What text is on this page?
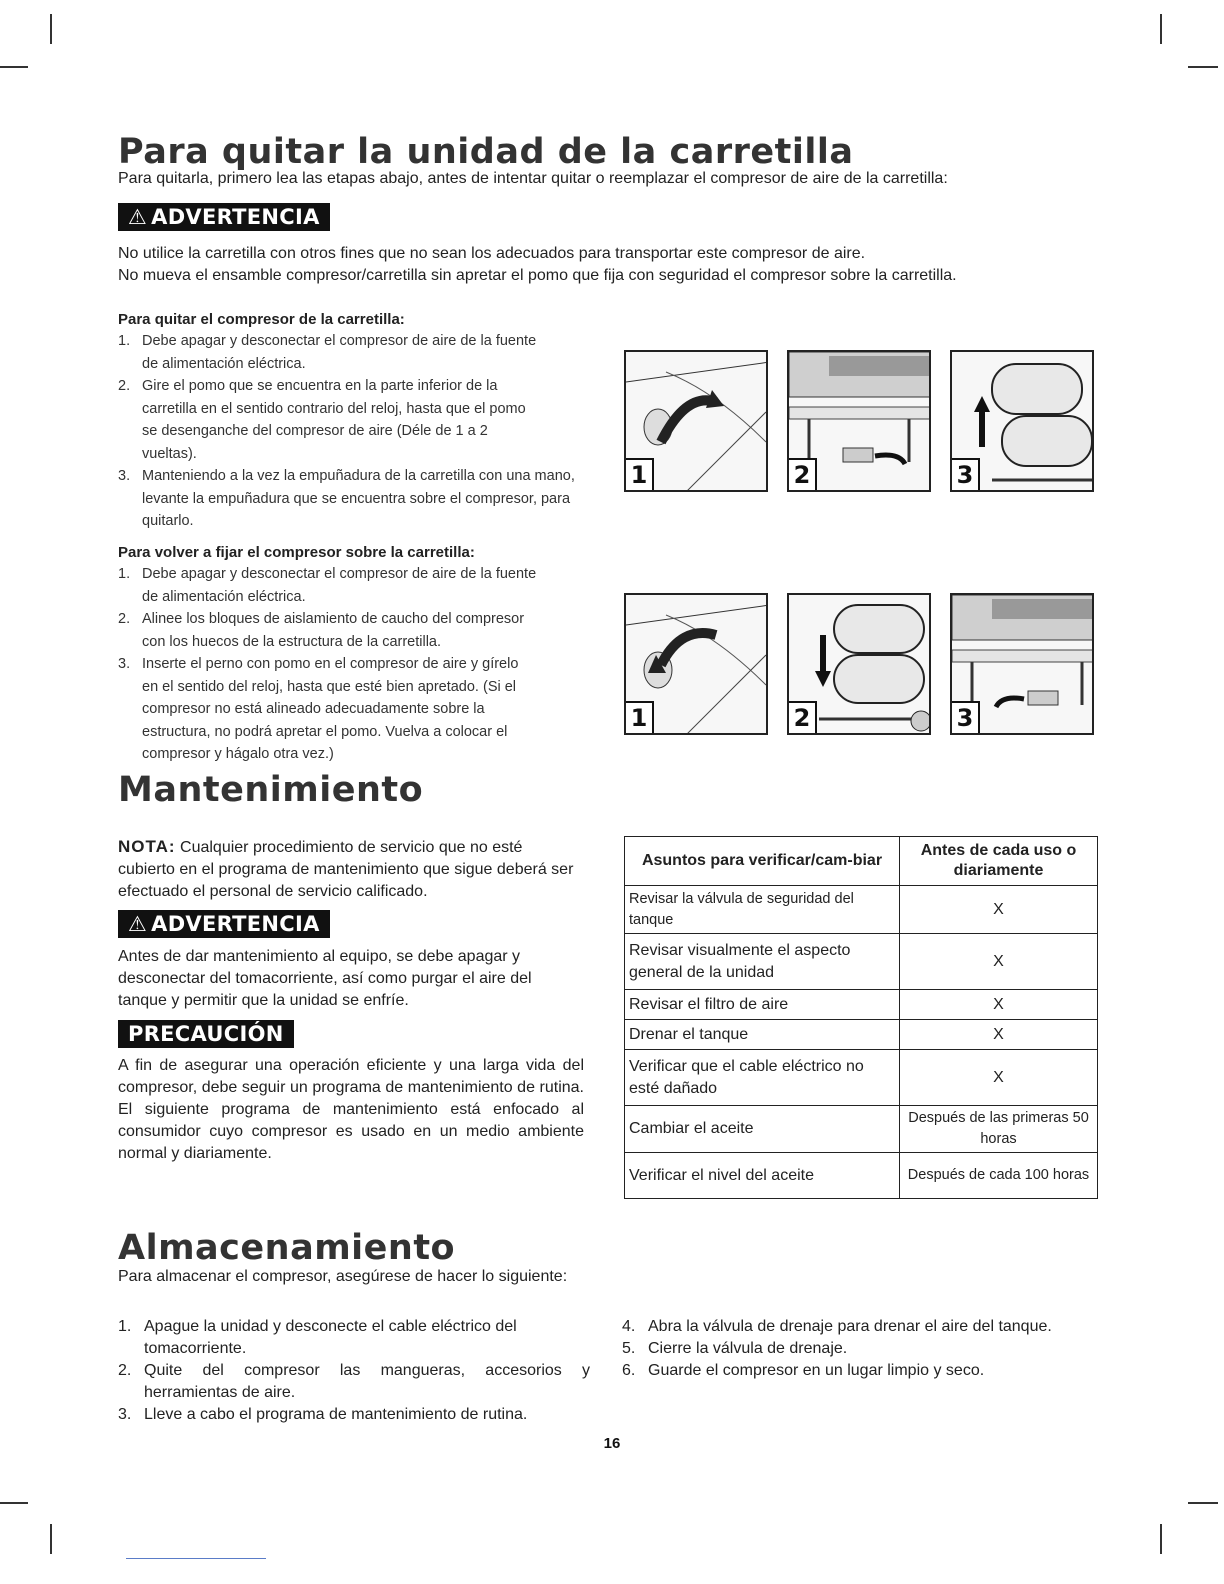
Para quitar la unidad de la carretilla

Para quitarla, primero lea las etapas abajo, antes de intentar quitar o reemplazar el compresor de aire de la carretilla:

⚠ ADVERTENCIA

No utilice la carretilla con otros fines que no sean los adecuados para transportar este compresor de aire.

No mueva el ensamble compresor/carretilla sin apretar el pomo que fija con seguridad el compresor sobre la carretilla.

Para quitar el compresor de la carretilla:

1. Debe apagar y desconectar el compresor de aire de la fuente de alimentación eléctrica.
2. Gire el pomo que se encuentra en la parte inferior de la carretilla en el sentido contrario del reloj, hasta que el pomo se desenganche del compresor de aire (Déle de 1 a 2 vueltas).
3. Manteniendo a la vez la empuñadura de la carretilla con una mano, levante la empuñadura que se encuentra sobre el compresor, para quitarlo.

Para volver a fijar el compresor sobre la carretilla:

1. Debe apagar y desconectar el compresor de aire de la fuente de alimentación eléctrica.
2. Alinee los bloques de aislamiento de caucho del compresor con los huecos de la estructura de la carretilla.
3. Inserte el perno con pomo en el compresor de aire y gírelo en el sentido del reloj, hasta que esté bien apretado. (Si el compresor no está alineado adecuadamente sobre la estructura, no podrá apretar el pomo. Vuelva a colocar el compresor y hágalo otra vez.)
1	2	3
1	2	3
Mantenimiento

NOTA: Cualquier procedimiento de servicio que no esté cubierto en el programa de mantenimiento que sigue deberá ser efectuado el personal de servicio calificado.

⚠ ADVERTENCIA

Antes de dar mantenimiento al equipo, se debe apagar y desconectar del tomacorriente, así como purgar el aire del tanque y permitir que la unidad se enfríe.

PRECAUCIÓN

A fin de asegurar una operación eficiente y una larga vida del compresor, debe seguir un programa de mantenimiento de rutina. El siguiente programa de mantenimiento está enfocado al consumidor cuyo compresor es usado en un medio ambiente normal y diariamente.

Asuntos para verificar/cam-biar	Antes de cada uso o diariamente
Revisar la válvula de seguridad del tanque	X
Revisar visualmente el aspecto general de la unidad	X
Revisar el filtro de aire	X
Drenar el tanque	X
Verificar que el cable eléctrico no esté dañado	X
Cambiar el aceite	Después de las primeras 50 horas
Verificar el nivel del aceite	Después de cada 100 horas
Almacenamiento

Para almacenar el compresor, asegúrese de hacer lo siguiente:

1. Apague la unidad y desconecte el cable eléctrico del tomacorriente.
2. Quite del compresor las mangueras, accesorios y herramientas de aire.
3. Lleve a cabo el programa de mantenimiento de rutina.
4. Abra la válvula de drenaje para drenar el aire del tanque.
5. Cierre la válvula de drenaje.
6. Guarde el compresor en un lugar limpio y seco.
16
